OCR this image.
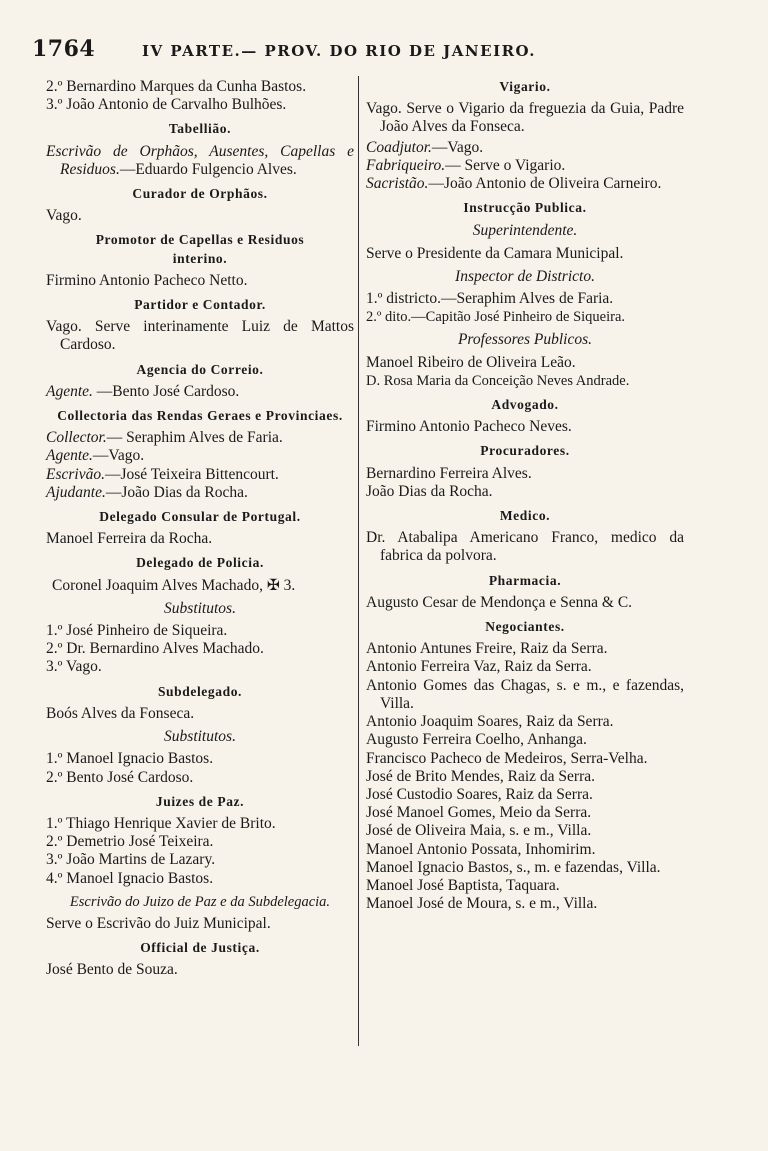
1764	IV PARTE.— PROV. DO RIO DE JANEIRO.
2.º Bernardino Marques da Cunha Bastos.
3.º João Antonio de Carvalho Bulhões.
Tabellião.
Escrivão de Orphãos, Ausentes, Capellas e Residuos.—Eduardo Fulgencio Alves.
Curador de Orphãos.
Vago.
Promotor de Capellas e Residuos interino.
Firmino Antonio Pacheco Netto.
Partidor e Contador.
Vago. Serve interinamente Luiz de Mattos Cardoso.
Agencia do Correio.
Agente. —Bento José Cardoso.
Collectoria das Rendas Geraes e Provinciaes.
Collector.— Seraphim Alves de Faria.
Agente.—Vago.
Escrivão.—José Teixeira Bittencourt.
Ajudante.—João Dias da Rocha.
Delegado Consular de Portugal.
Manoel Ferreira da Rocha.
Delegado de Policia.
Coronel Joaquim Alves Machado, ✠ 3.
Substitutos.
1.º José Pinheiro de Siqueira.
2.º Dr. Bernardino Alves Machado.
3.º Vago.
Subdelegado.
Boós Alves da Fonseca.
Substitutos.
1.º Manoel Ignacio Bastos.
2.º Bento José Cardoso.
Juizes de Paz.
1.º Thiago Henrique Xavier de Brito.
2.º Demetrio José Teixeira.
3.º João Martins de Lazary.
4.º Manoel Ignacio Bastos.
Escrivão do Juizo de Paz e da Subdelegacia.
Serve o Escrivão do Juiz Municipal.
Official de Justiça.
José Bento de Souza.
Vigario.
Vago. Serve o Vigario da freguezia da Guia, Padre João Alves da Fonseca.
Coadjutor.—Vago.
Fabriqueiro.— Serve o Vigario.
Sacristão.—João Antonio de Oliveira Carneiro.
Instrucção Publica.
Superintendente.
Serve o Presidente da Camara Municipal.
Inspector de Districto.
1.º districto.—Seraphim Alves de Faria.
2.º dito.—Capitão José Pinheiro de Siqueira.
Professores Publicos.
Manoel Ribeiro de Oliveira Leão.
D. Rosa Maria da Conceição Neves Andrade.
Advogado.
Firmino Antonio Pacheco Neves.
Procuradores.
Bernardino Ferreira Alves.
João Dias da Rocha.
Medico.
Dr. Atabalipa Americano Franco, medico da fabrica da polvora.
Pharmacia.
Augusto Cesar de Mendonça e Senna & C.
Negociantes.
Antonio Antunes Freire, Raiz da Serra.
Antonio Ferreira Vaz, Raiz da Serra.
Antonio Gomes das Chagas, s. e m., e fazendas, Villa.
Antonio Joaquim Soares, Raiz da Serra.
Augusto Ferreira Coelho, Anhanga.
Francisco Pacheco de Medeiros, Serra-Velha.
José de Brito Mendes, Raiz da Serra.
José Custodio Soares, Raiz da Serra.
José Manoel Gomes, Meio da Serra.
José de Oliveira Maia, s. e m., Villa.
Manoel Antonio Possata, Inhomirim.
Manoel Ignacio Bastos, s., m. e fazendas, Villa.
Manoel José Baptista, Taquara.
Manoel José de Moura, s. e m., Villa.
